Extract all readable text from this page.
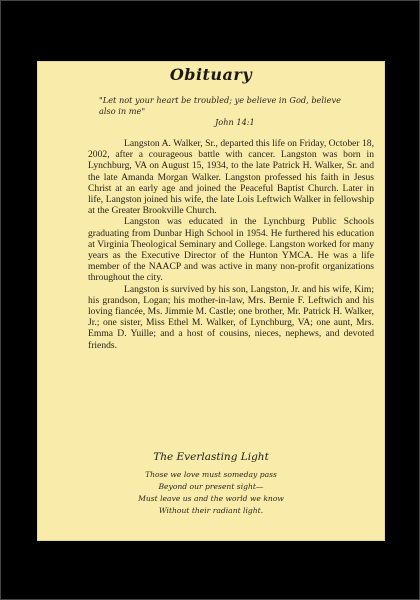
Obituary
"Let not your heart be troubled; ye believe in God, believe also in me"
John 14:1

Langston A. Walker, Sr., departed this life on Friday, October 18, 2002, after a courageous battle with cancer. Langston was born in Lynchburg, VA on August 15, 1934, to the late Patrick H. Walker, Sr. and the late Amanda Morgan Walker. Langston professed his faith in Jesus Christ at an early age and joined the Peaceful Baptist Church. Later in life, Langston joined his wife, the late Lois Leftwich Walker in fellowship at the Greater Brookville Church.

Langston was educated in the Lynchburg Public Schools graduating from Dunbar High School in 1954. He furthered his education at Virginia Theological Seminary and College. Langston worked for many years as the Executive Director of the Hunton YMCA. He was a life member of the NAACP and was active in many non-profit organizations throughout the city.

Langston is survived by his son, Langston, Jr. and his wife, Kim; his grandson, Logan; his mother-in-law, Mrs. Bernie F. Leftwich and his loving fiancée, Ms. Jimmie M. Castle; one brother, Mr. Patrick H. Walker, Jr.; one sister, Miss Ethel M. Walker, of Lynchburg, VA; one aunt, Mrs. Emma D. Yuille; and a host of cousins, nieces, nephews, and devoted friends.

The Everlasting Light
Those we love must someday pass
Beyond our present sight—
Must leave us and the world we know
Without their radiant light.
